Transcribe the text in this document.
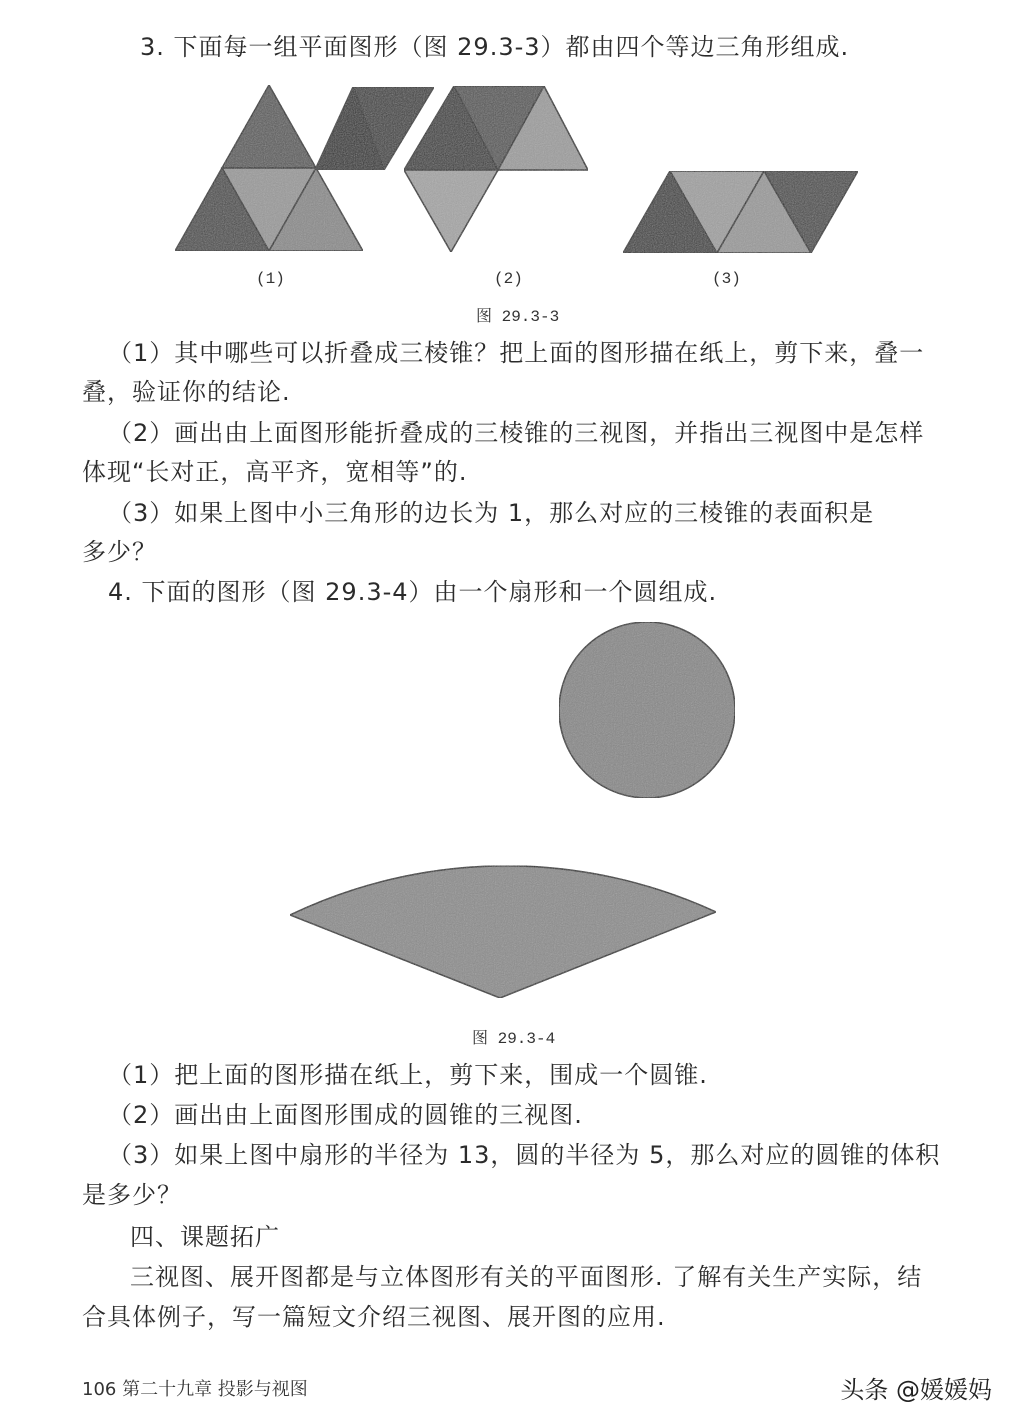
3. 下面每一组平面图形（图 29.3-3）都由四个等边三角形组成.
(1)	(2)	(3)
图 29.3-3
（1）其中哪些可以折叠成三棱锥？把上面的图形描在纸上，剪下来，叠一
叠，验证你的结论.
（2）画出由上面图形能折叠成的三棱锥的三视图，并指出三视图中是怎样
体现“长对正，高平齐，宽相等”的.
（3）如果上图中小三角形的边长为 1，那么对应的三棱锥的表面积是
多少？
4. 下面的图形（图 29.3-4）由一个扇形和一个圆组成.
图 29.3-4
（1）把上面的图形描在纸上，剪下来，围成一个圆锥.
（2）画出由上面图形围成的圆锥的三视图.
（3）如果上图中扇形的半径为 13，圆的半径为 5，那么对应的圆锥的体积
是多少？
四、课题拓广
三视图、展开图都是与立体图形有关的平面图形. 了解有关生产实际，结
合具体例子，写一篇短文介绍三视图、展开图的应用.
106 第二十九章 投影与视图	头条 @媛媛妈
